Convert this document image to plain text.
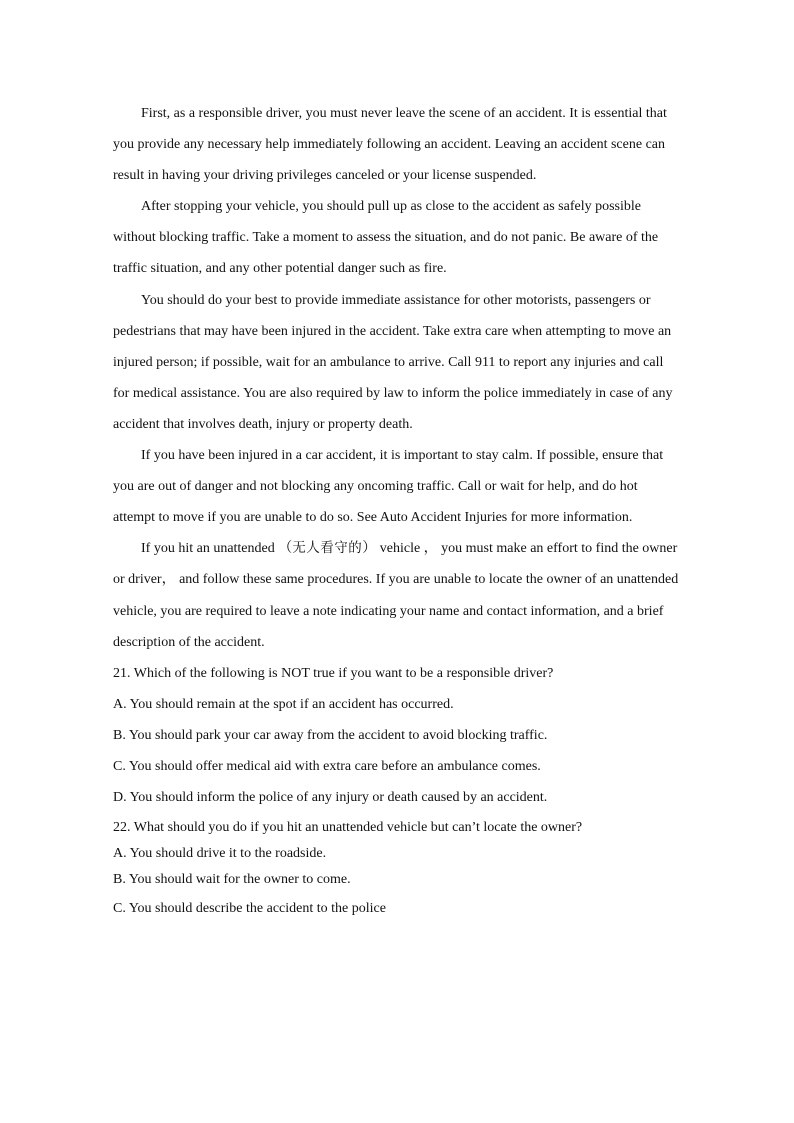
First, as a responsible driver, you must never leave the scene of an accident. It is essential that you provide any necessary help immediately following an accident. Leaving an accident scene can result in having your driving privileges canceled or your license suspended.

After stopping your vehicle, you should pull up as close to the accident as safely possible without blocking traffic. Take a moment to assess the situation, and do not panic. Be aware of the traffic situation, and any other potential danger such as fire.

You should do your best to provide immediate assistance for other motorists, passengers or pedestrians that may have been injured in the accident. Take extra care when attempting to move an injured person; if possible, wait for an ambulance to arrive. Call 911 to report any injuries and call for medical assistance. You are also required by law to inform the police immediately in case of any accident that involves death, injury or property death.

If you have been injured in a car accident, it is important to stay calm. If possible, ensure that you are out of danger and not blocking any oncoming traffic. Call or wait for help, and do hot attempt to move if you are unable to do so. See Auto Accident Injuries for more information.

If you hit an unattended （无人看守的） vehicle ， you must make an effort to find the owner or driver， and follow these same procedures. If you are unable to locate the owner of an unattended vehicle, you are required to leave a note indicating your name and contact information, and a brief description of the accident.

21. Which of the following is NOT true if you want to be a responsible driver?

A. You should remain at the spot if an accident has occurred.

B. You should park your car away from the accident to avoid blocking traffic.

C. You should offer medical aid with extra care before an ambulance comes.

D. You should inform the police of any injury or death caused by an accident.

22. What should you do if you hit an unattended vehicle but can’t locate the owner?

A. You should drive it to the roadside.

B. You should wait for the owner to come.

C. You should describe the accident to the police
